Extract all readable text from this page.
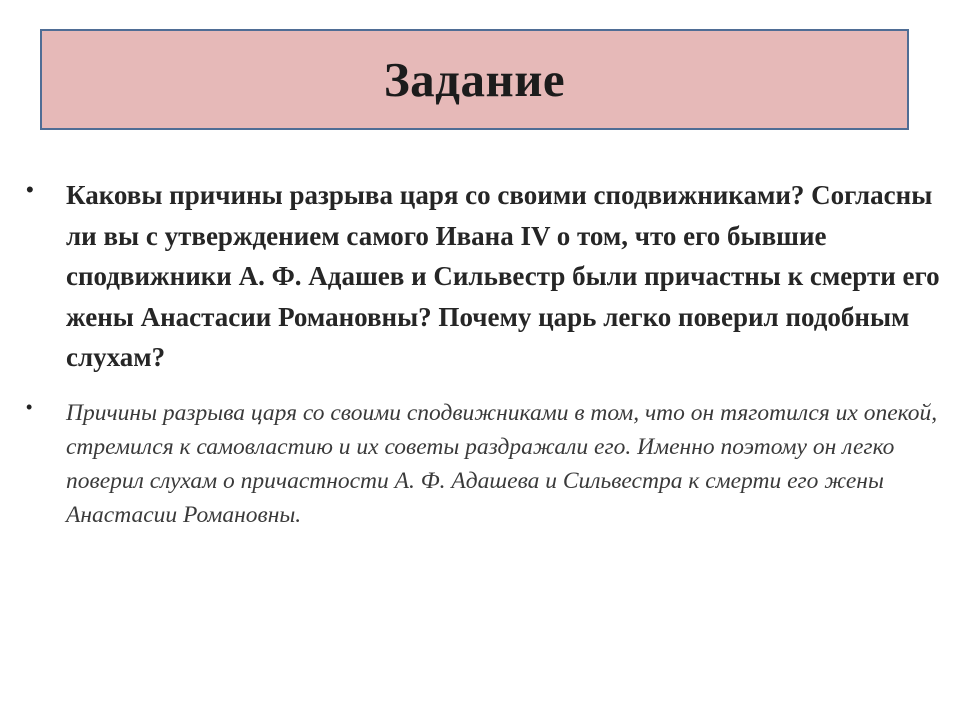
Задание
• Каковы причины разрыва царя со своими сподвижниками? Согласны ли вы с утверждением самого Ивана IV о том, что его бывшие сподвижники А. Ф. Адашев и Сильвестр были причастны к смерти его жены Анастасии Романовны? Почему царь легко поверил подобным слухам?
• Причины разрыва царя со своими сподвижниками в том, что он тяготился их опекой, стремился к самовластию и их советы раздражали его. Именно поэтому он легко поверил слухам о причастности А. Ф. Адашева и Сильвестра к смерти его жены Анастасии Романовны.
